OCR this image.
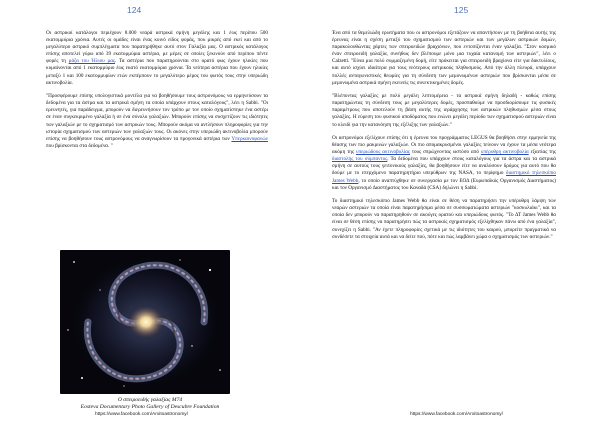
124

Οι αστρικοί κατάλογοι περιέχουν 8.000 νεαρά αστρικά σμήνη μεγάλης και 1 έως περίπου 500 εκατομμύρια χρόνια. Αυτές οι ομάδες είναι ένας κοινό είδος φοράς, που μικρές από εκεί και από το μεγαλύτερο αστρικό συμπλέγματα που παρατηρήθηκε αυτό στον Γαλαξία μας. Ο αστρικός κατάλογος επίσης αποτελεί γύρω από 39 εκατομμύρια αστέρια, με μέρες σε οποίες ξεκινούν από περίπου πέντε φορές τη μάζα του Ήλιου μας. Τα αστέρια που παρατηρούνται στο ορατό φως έχουν ηλικίες που κυμαίνονται από 1 εκατομμύριο έως εκατό εκατομμύρια χρόνια. Τα νεότερα αστέρια που έχουν ηλικίες μεταξύ 1 και 100 εκατομμυρίων ετών εκπέμπουν το μεγαλύτερο μέρος του φωτός τους στην υπεριώδη ακτινοβολία.

"Προσφέρουμε επίσης υπολογιστικά μοντέλα για να βοηθήσουμε τους αστρονόμους να ερμηνεύσουν τα δεδομένα για τα άστρα και τα αστρικά σμήνη τα οποία υπάρχουν στους καταλόγους", λέει η Sabbi. "Οι ερευνητές, για παράδειγμα, μπορούν να διερευνήσουν τον τρόπο με τον οποίο σχηματίστηκε ένα αστέρι σε έναν συγκεκριμένο γαλαξία ή σε ένα σύνολο γαλαξιών. Μπορούν επίσης να συσχετίζουν τις ιδιότητες των γαλαξιών με το σχηματισμό των αστρικών τους. Μπορούν ακόμα να αντλήσουν πληροφορίες για την ιστορία σχηματισμού των αστεριών των γαλαξιών τους. Οι ακόνες στην υπεριώδη ακτινοβολία μπορούν επίσης να βοηθήσουν τους αστρονόμους να αναγνωρίσουν τα προγονικά αστέρια των Υπερκαινοφανών που βρίσκονται στα δεδομένα. "

Ο σπειροειδής γαλαξίας Μ74
Eosteva Documentary Photo Gallery of Descubre Foundation
https://www.facebook.com/Arxitoastronomy/
125

Ένα από τα θεμελιώδη ερωτήματα που οι αστρονόμοι εξετάζουν να απαντήσουν με τη βοήθεια αυτής της έρευνας είναι η σχέση μεταξύ του σχηματισμού των αστεριών και των μεγάλων αστρικών δομών, παρακολουθώντας χάρτες των σπειροειδών βραχιόνων, που εντοπίζονται έναν γαλαξία. "Στον κοσμικό έναν σπειροειδή γαλαξία, συνήθως δεν βλέπουμε μόνο μια τυχαία κατανομή των αστεριών", λέει ο Calzetti. "Είναι μια πολύ συμμαζεμένη δομή, είτε πρόκειται για σπειροειδή βραχίονα είτε για δακτυλίους, και αυτό ισχύει ιδιαίτερα για τους νεότερους αστρικούς πληθυσμούς. Από την άλλη πλευρά, υπάρχουν πολλές ανταγωνιστικές θεωρίες για τη σύνδεση των μεμονωμένων αστεριών που βρίσκονται μέσα σε μεμονωμένα αστρικά σμήνη εκεινείς τις συνεκτικημένες δομές.

"Βλέποντας γαλαξίες με πολύ μεγάλη λεπτομέρεια - τα αστρικά σμήνη δηλαδή - καθώς επίσης παρατηρώντας τη σύνδεση τους με μεγαλύτερες δομές, προσπαθούμε να προσδιορίσουμε τις φυσικές παραμέτρους που αποτελούν τη βάση αυτής της ιεράρχησης των αστρικών πληθυσμών μέσα στους γαλαξίες. Η εύρεση του φυσικού αποδόματος που ενώνει μεγάλη περίοδο των σχηματισμού αστεριών είναι το κλειδί για την κατανόηση της εξέλιξης των γαλαξιών."

Οι αστρονόμοι εξελίχουν επίσης ότι η έρευνα του προγράμματος LEGUS θα βοηθήσει στην ερμηνεία της θέασης των πιο μακρινών γαλαξιών. Οι πιο απομακρυσμένοι γαλαξίες τείνουν να έχουν τα μέσα νεότερα ακόμη της υπεριώδους ακτινοβολίας τους σπρώχνοντας ωστόσο από υπέρυθρη ακτινοβολία εξαιτίας της διαστολής του σύμπαντος. Τα δεδομένα που υπάρχουν στους καταλόγους για τα άστρα και τα αστρικά σμήνη σε αυτούς τους γειτονικούς γαλαξίες, θα βοηθήσουν είτε να αναλύσουν δρόμος για αυτό που θα δούμε με το επερχόμενο παρατηρητήριο υπερύθρων της NASA, το περίφημο διαστημικό τηλεσκόπιο James Webb, το οποίο αναπτύχθηκε σε συνεργασία με τον ΕΟΔ (Ευρωπαϊκός Οργανισμός Διαστήματος) και τον Οργανισμό Διαστήματος του Καναδά (CSA) δηλώνει η Sabbi.

Το διαστημικό τηλεσκόπιο James Webb θα είναι σε θέση να παρατηρήσει την υπέρυθρη λάμψη των νεαρών αστεριών τα οποία είναι παρατηρήσιμα μέσα σε συσσωματώματα αστεριών "κοσκυλιάκι", και τα οποία δεν μπορούν να παρατηρηθούν σε ακούγες ορατού και υπεριώδους φωτός. "Το ΔΤ James Webb θα είναι σε θέση επίσης να παρατηρήσει πώς τα αστρικός σχηματισμός εξελίχθηκαν πάνω από ένα γαλαξία", συνεχίζει η Sabbi. "Αν έχετε πληροφορίες σχετικά με τις ιδιότητες του καιρού, μπορείτε πραγματικά να συνδέσετε τα στοιχεία αυτά και να δείτε πού, πότε και πώς λαμβάνει χώρα ο σχηματισμός των αστεριών."

https://www.facebook.com/Arxitoastronomy/
